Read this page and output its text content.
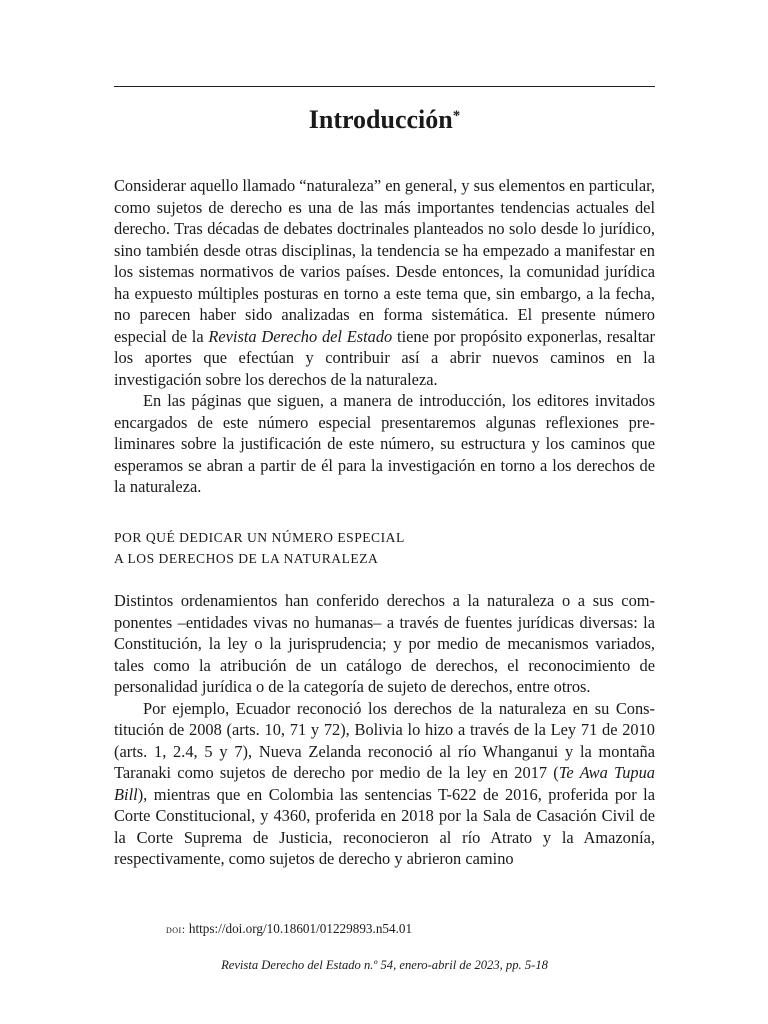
Introducción*

Considerar aquello llamado “naturaleza” en general, y sus elementos en particular, como sujetos de derecho es una de las más importantes tendencias actuales del derecho. Tras décadas de debates doctrinales planteados no solo desde lo jurídico, sino también desde otras disciplinas, la tendencia se ha empezado a manifestar en los sistemas normativos de varios países. Desde entonces, la comunidad jurídica ha expuesto múltiples posturas en torno a este tema que, sin embargo, a la fecha, no parecen haber sido analizadas en forma sistemática. El presente número especial de la Revista Derecho del Estado tiene por propósito exponerlas, resaltar los aportes que efectúan y contribuir así a abrir nuevos caminos en la investigación sobre los derechos de la naturaleza.

En las páginas que siguen, a manera de introducción, los editores invitados encargados de este número especial presentaremos algunas reflexiones preliminares sobre la justificación de este número, su estructura y los caminos que esperamos se abran a partir de él para la investigación en torno a los derechos de la naturaleza.

POR QUÉ DEDICAR UN NÚMERO ESPECIAL
A LOS DERECHOS DE LA NATURALEZA

Distintos ordenamientos han conferido derechos a la naturaleza o a sus componentes –entidades vivas no humanas– a través de fuentes jurídicas diversas: la Constitución, la ley o la jurisprudencia; y por medio de mecanismos variados, tales como la atribución de un catálogo de derechos, el reconocimiento de personalidad jurídica o de la categoría de sujeto de derechos, entre otros.

Por ejemplo, Ecuador reconoció los derechos de la naturaleza en su Constitución de 2008 (arts. 10, 71 y 72), Bolivia lo hizo a través de la Ley 71 de 2010 (arts. 1, 2.4, 5 y 7), Nueva Zelanda reconoció al río Whanganui y la montaña Taranaki como sujetos de derecho por medio de la ley en 2017 (Te Awa Tupua Bill), mientras que en Colombia las sentencias T-622 de 2016, proferida por la Corte Constitucional, y 4360, proferida en 2018 por la Sala de Casación Civil de la Corte Suprema de Justicia, reconocieron al río Atrato y la Amazonía, respectivamente, como sujetos de derecho y abrieron camino

doi: https://doi.org/10.18601/01229893.n54.01
Revista Derecho del Estado n.º 54, enero-abril de 2023, pp. 5-18
